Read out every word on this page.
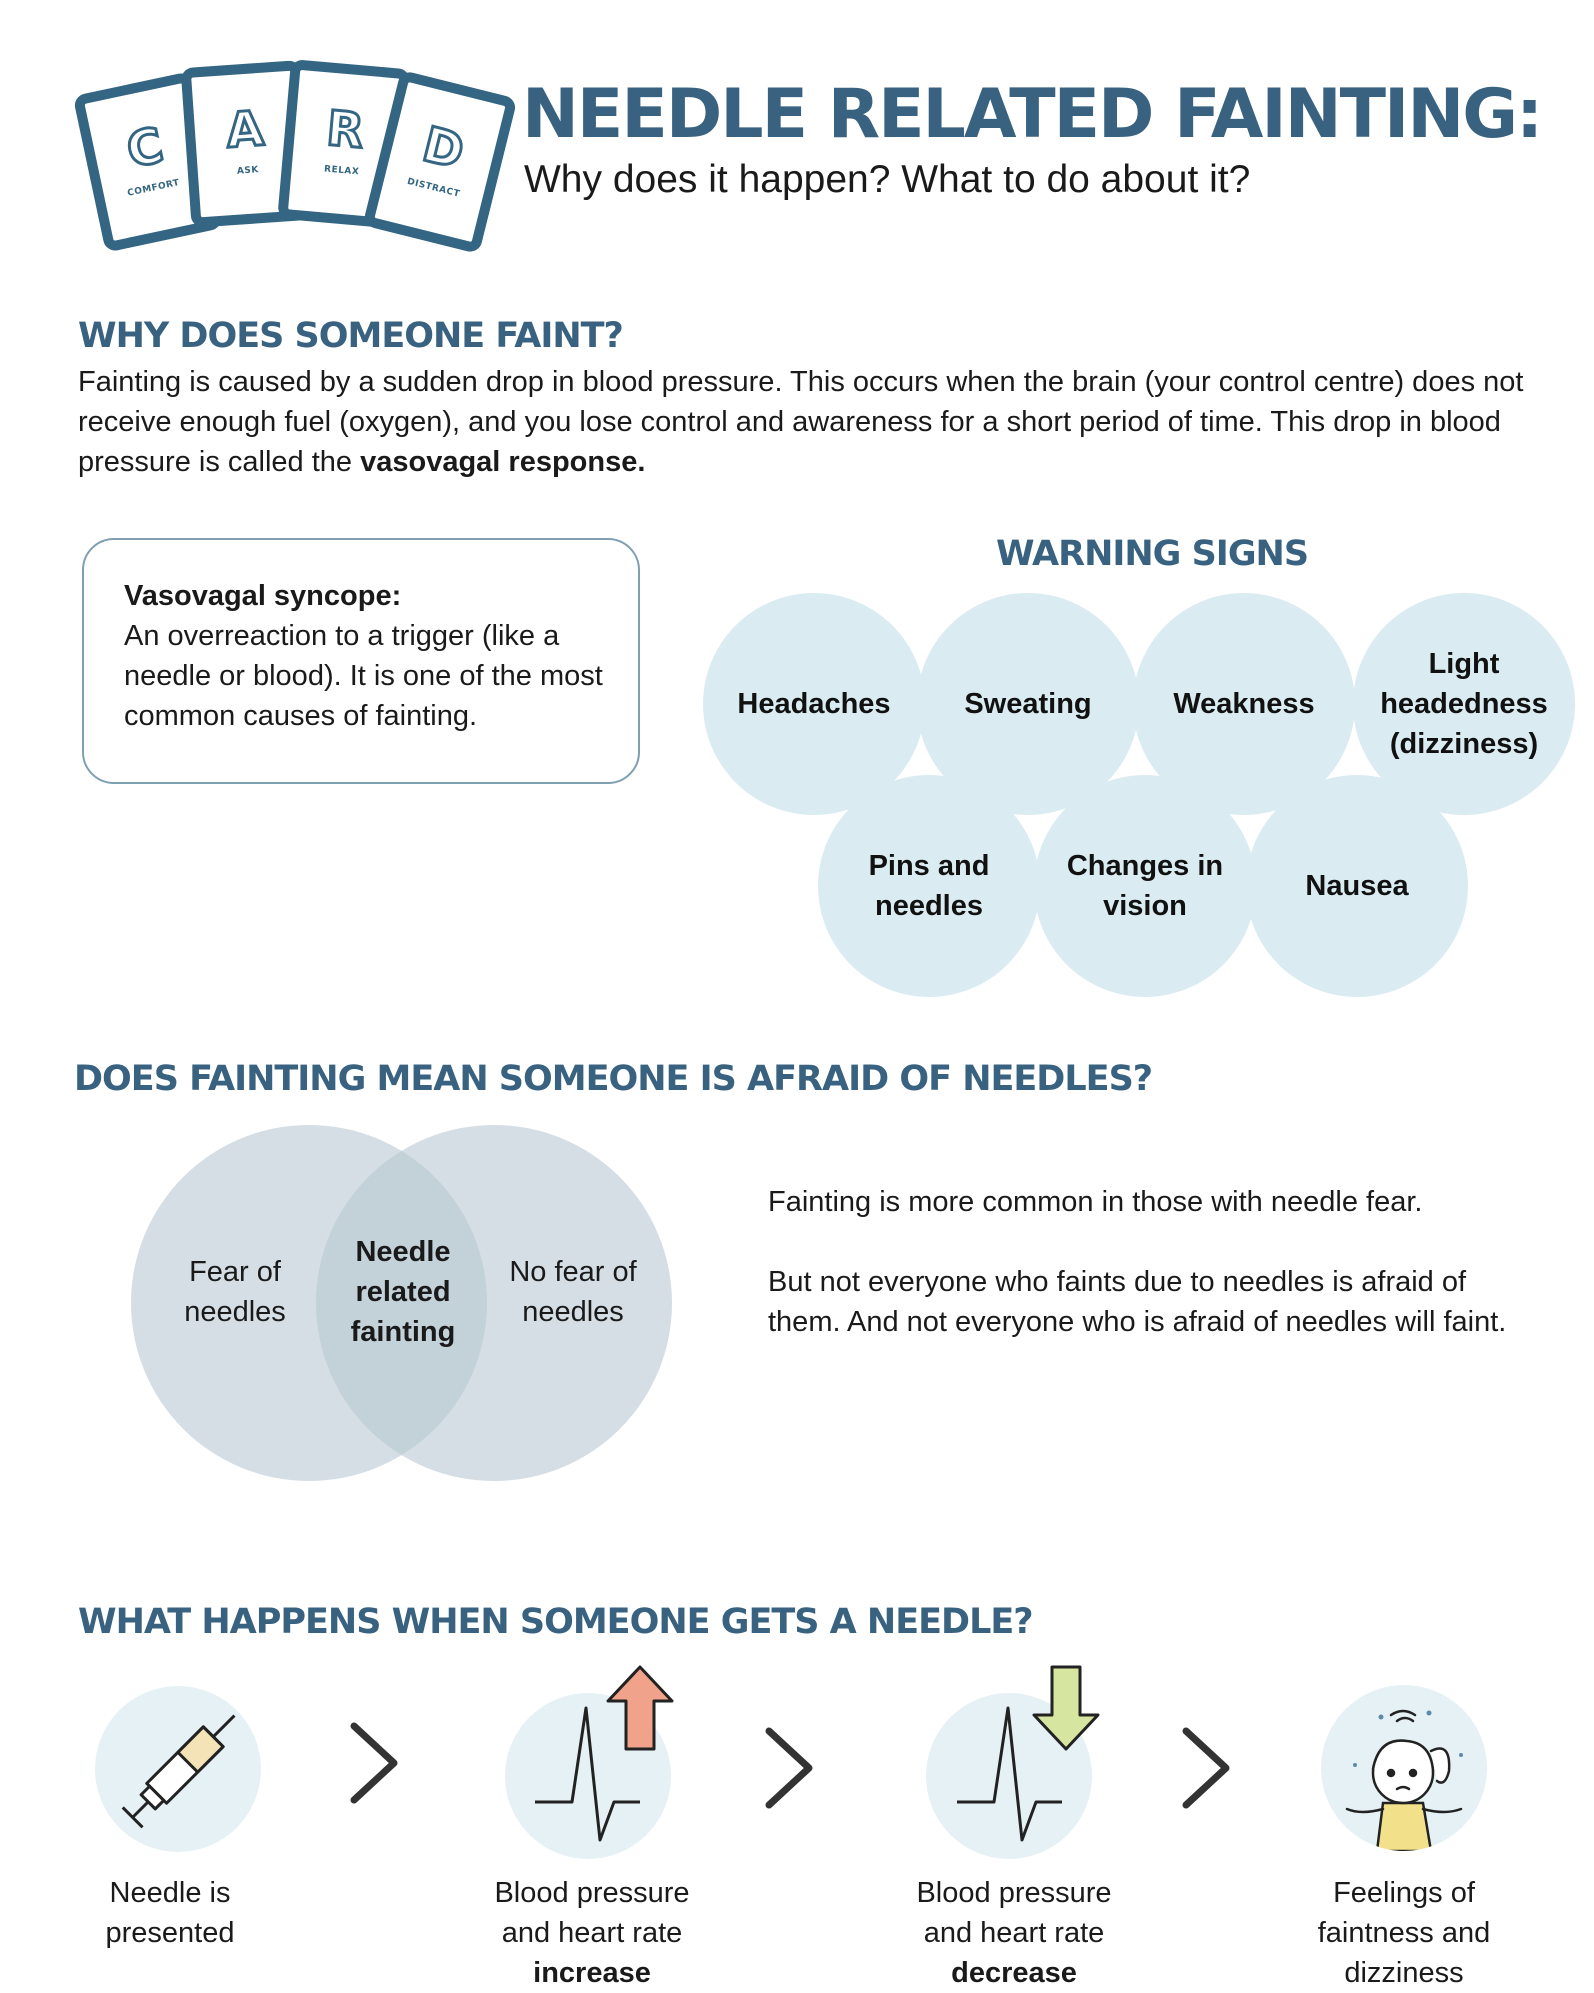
C
COMFORT
A
ASK
R
RELAX	D
DISTRACT
NEEDLE RELATED FAINTING:
Why does it happen? What to do about it?
WHY DOES SOMEONE FAINT?

Fainting is caused by a sudden drop in blood pressure. This occurs when the brain (your control centre) does not receive enough fuel (oxygen), and you lose control and awareness for a short period of time. This drop in blood pressure is called the vasovagal response.

Vasovagal syncope:
An overreaction to a trigger (like a needle or blood). It is one of the most common causes of fainting.
WARNING SIGNS
Headaches	Sweating	Weakness
Light headedness (dizziness)
Pins and needles
Changes in vision
Nausea
DOES FAINTING MEAN SOMEONE IS AFRAID OF NEEDLES?
Fear of needles
Needle related fainting
No fear of needles

Fainting is more common in those with needle fear.

But not everyone who faints due to needles is afraid of them. And not everyone who is afraid of needles will faint.

WHAT HAPPENS WHEN SOMEONE GETS A NEEDLE?
Needle is
presented
Blood pressure
and heart rate
increase
Blood pressure
and heart rate
decrease
Feelings of
faintness and
dizziness
